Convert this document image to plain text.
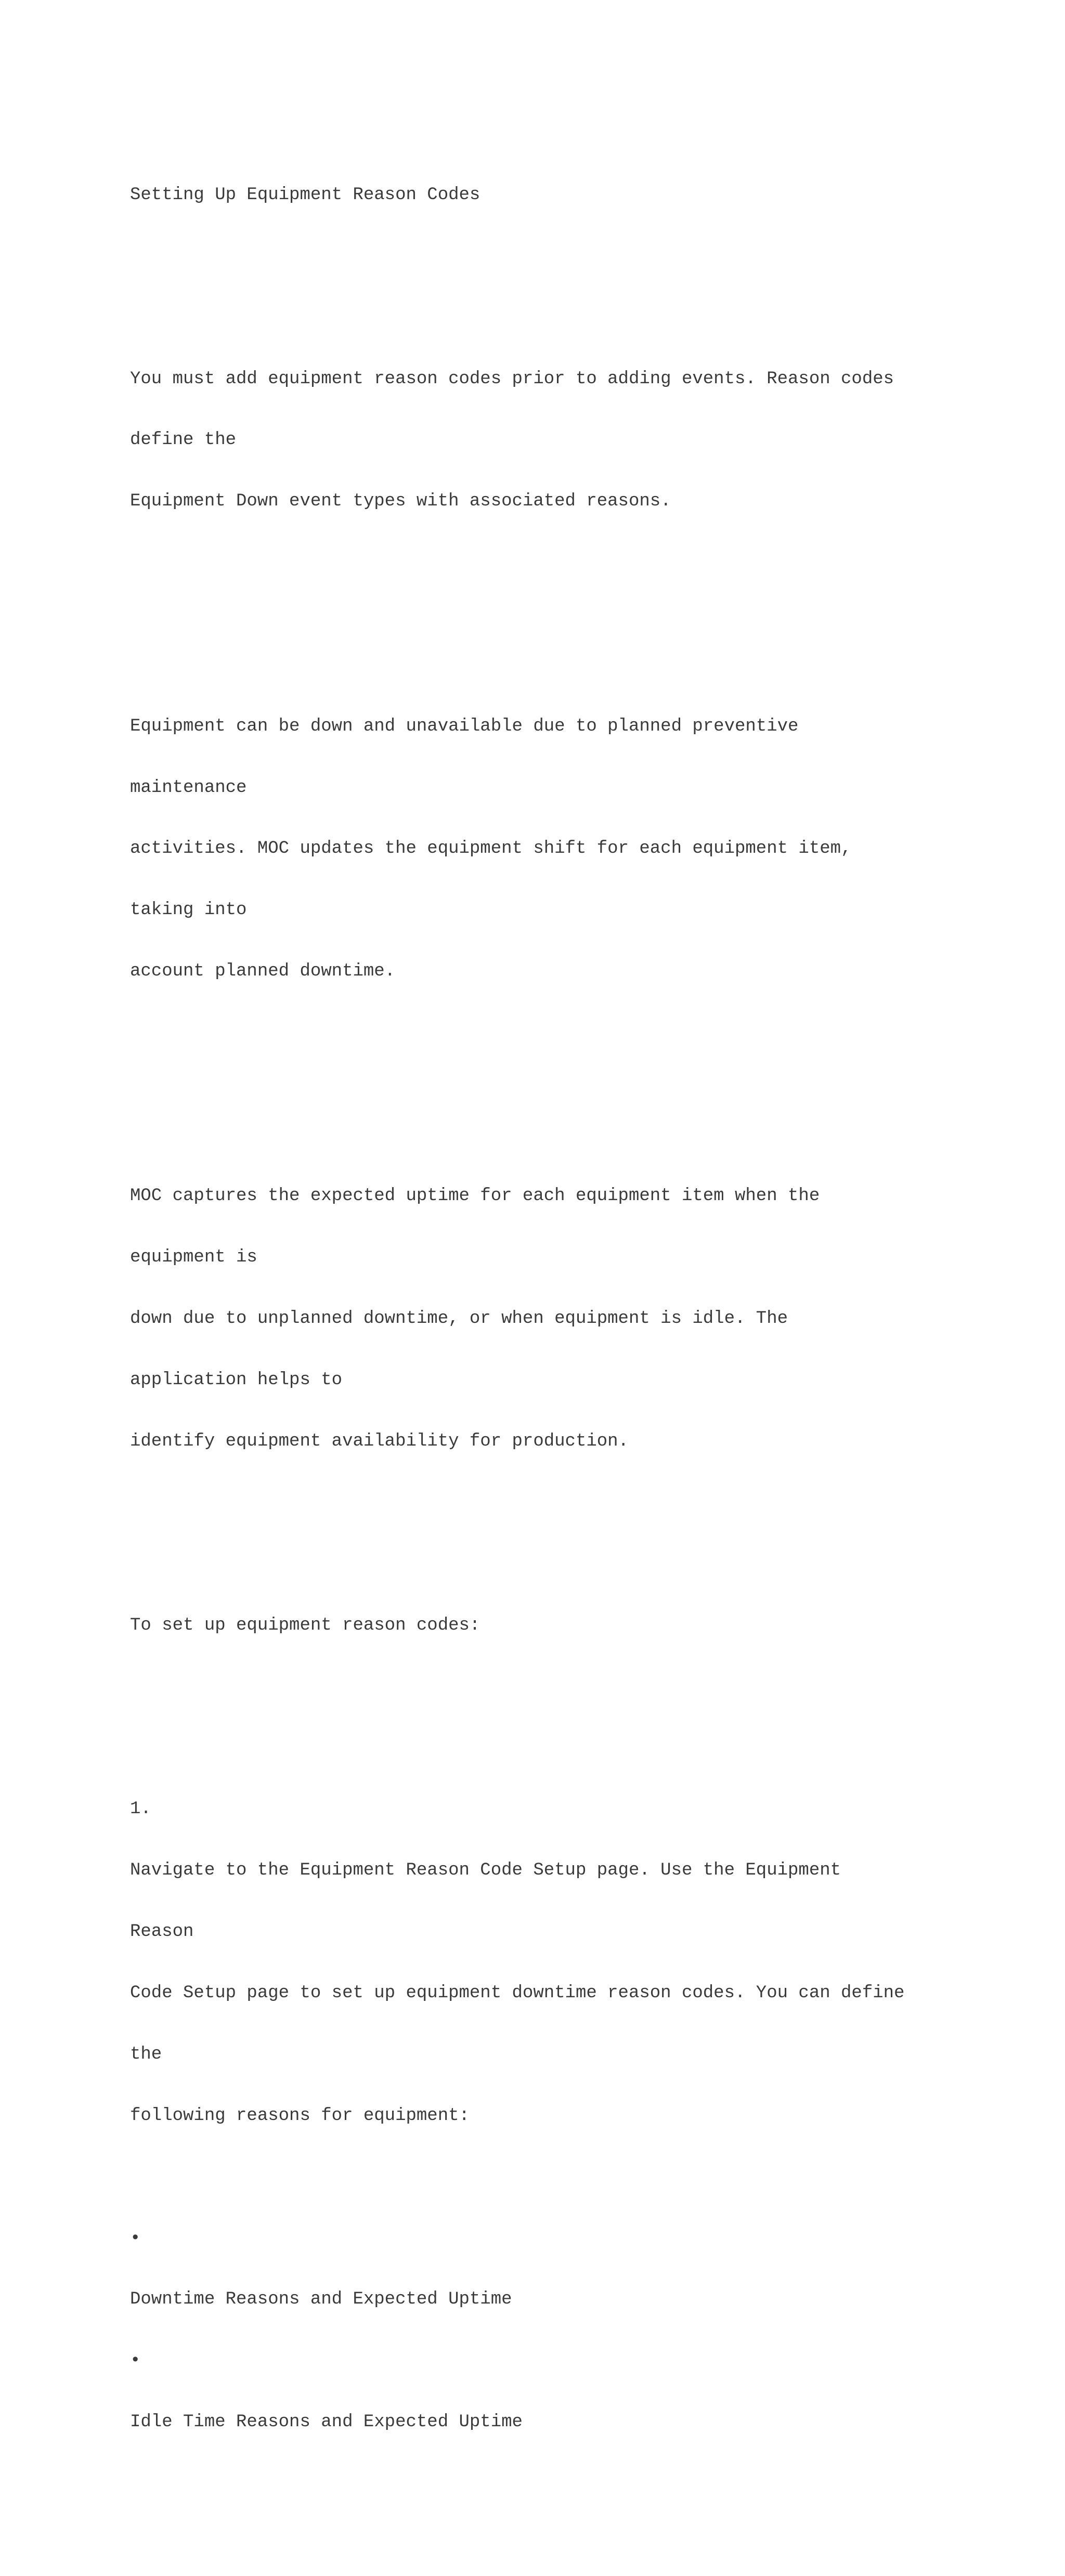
Setting Up Equipment Reason Codes

You must add equipment reason codes prior to adding events. Reason codes

define the

Equipment Down event types with associated reasons.

Equipment can be down and unavailable due to planned preventive

maintenance

activities. MOC updates the equipment shift for each equipment item,

taking into

account planned downtime.

MOC captures the expected uptime for each equipment item when the

equipment is

down due to unplanned downtime, or when equipment is idle. The

application helps to

identify equipment availability for production.

To set up equipment reason codes:

1.

Navigate to the Equipment Reason Code Setup page. Use the Equipment

Reason

Code Setup page to set up equipment downtime reason codes. You can define

the

following reasons for equipment:

•

Downtime Reasons and Expected Uptime

•

Idle Time Reasons and Expected Uptime
